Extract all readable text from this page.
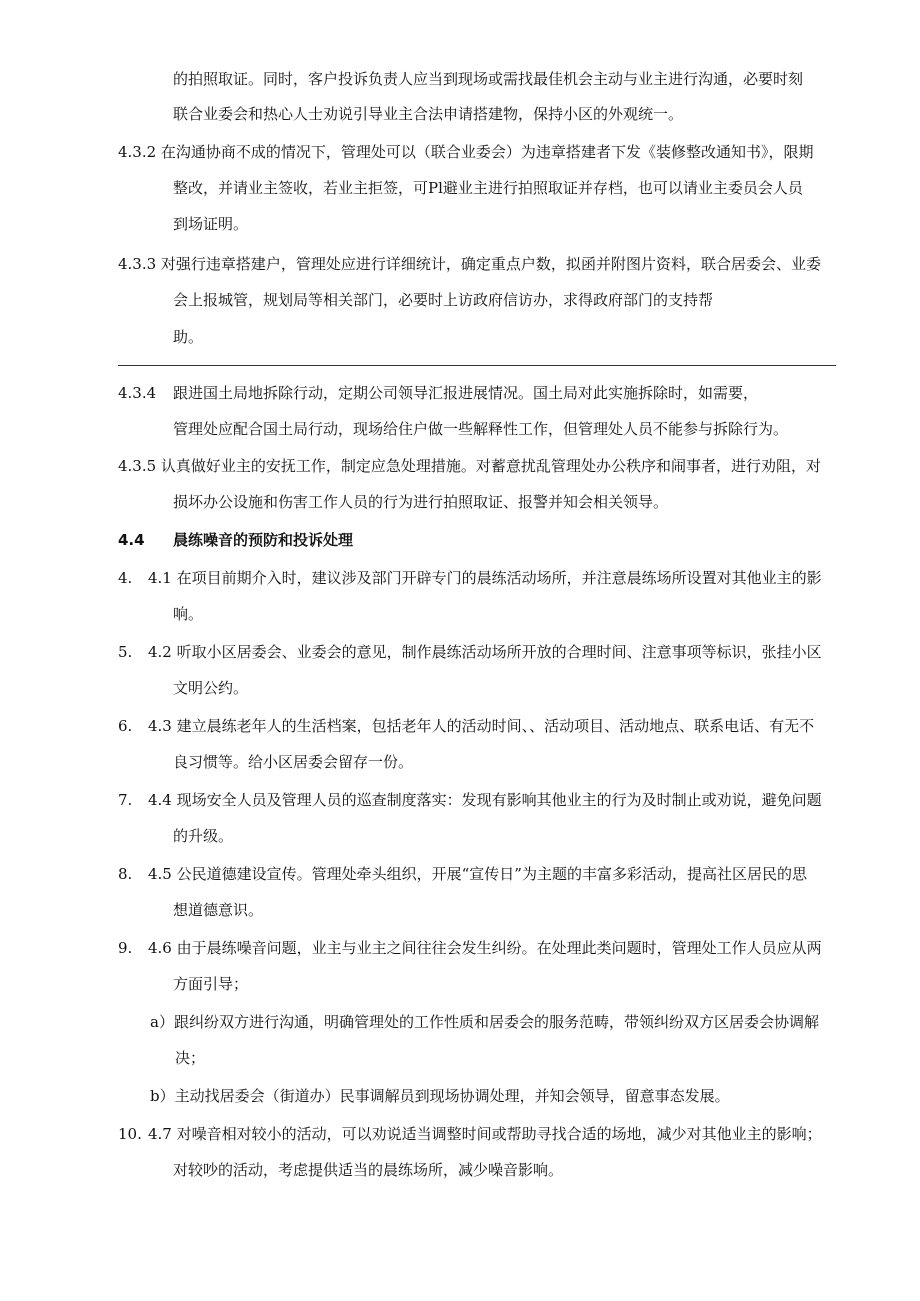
的拍照取证。同时，客户投诉负责人应当到现场或需找最佳机会主动与业主进行沟通，必要时刻
联合业委会和热心人士劝说引导业主合法申请搭建物，保持小区的外观统一。
4.3.2 在沟通协商不成的情况下，管理处可以（联合业委会）为违章搭建者下发《装修整改通知书》，限期
整改，并请业主签收，若业主拒签，可Pl避业主进行拍照取证并存档，也可以请业主委员会人员
到场证明。
4.3.3 对强行违章搭建户，管理处应进行详细统计，确定重点户数，拟函并附图片资料，联合居委会、业委
会上报城管，规划局等相关部门，必要时上访政府信访办，求得政府部门的支持帮
助。
4.3.4 跟进国土局地拆除行动，定期公司领导汇报进展情况。国土局对此实施拆除时，如需要，
管理处应配合国土局行动，现场给住户做一些解释性工作，但管理处人员不能参与拆除行为。
4.3.5 认真做好业主的安抚工作，制定应急处理措施。对蓄意扰乱管理处办公秩序和闹事者，进行劝阻，对
损坏办公设施和伤害工作人员的行为进行拍照取证、报警并知会相关领导。
4.4 晨练噪音的预防和投诉处理
4. 4.1 在项目前期介入时，建议涉及部门开辟专门的晨练活动场所，并注意晨练场所设置对其他业主的影
响。
5. 4.2 听取小区居委会、业委会的意见，制作晨练活动场所开放的合理时间、注意事项等标识，张挂小区
文明公约。
6. 4.3 建立晨练老年人的生活档案，包括老年人的活动时间、、活动项目、活动地点、联系电话、有无不
良习惯等。给小区居委会留存一份。
7. 4.4 现场安全人员及管理人员的巡查制度落实：发现有影响其他业主的行为及时制止或劝说，避免问题
的升级。
8. 4.5 公民道德建设宣传。管理处牵头组织，开展“宣传日”为主题的丰富多彩活动，提高社区居民的思
想道德意识。
9. 4.6 由于晨练噪音问题，业主与业主之间往往会发生纠纷。在处理此类问题时，管理处工作人员应从两
方面引导；
a）跟纠纷双方进行沟通，明确管理处的工作性质和居委会的服务范畴，带领纠纷双方区居委会协调解
决；
b）主动找居委会（街道办）民事调解员到现场协调处理，并知会领导，留意事态发展。
10. 4.7 对噪音相对较小的活动，可以劝说适当调整时间或帮助寻找合适的场地，减少对其他业主的影响；
对较吵的活动，考虑提供适当的晨练场所，减少噪音影响。
